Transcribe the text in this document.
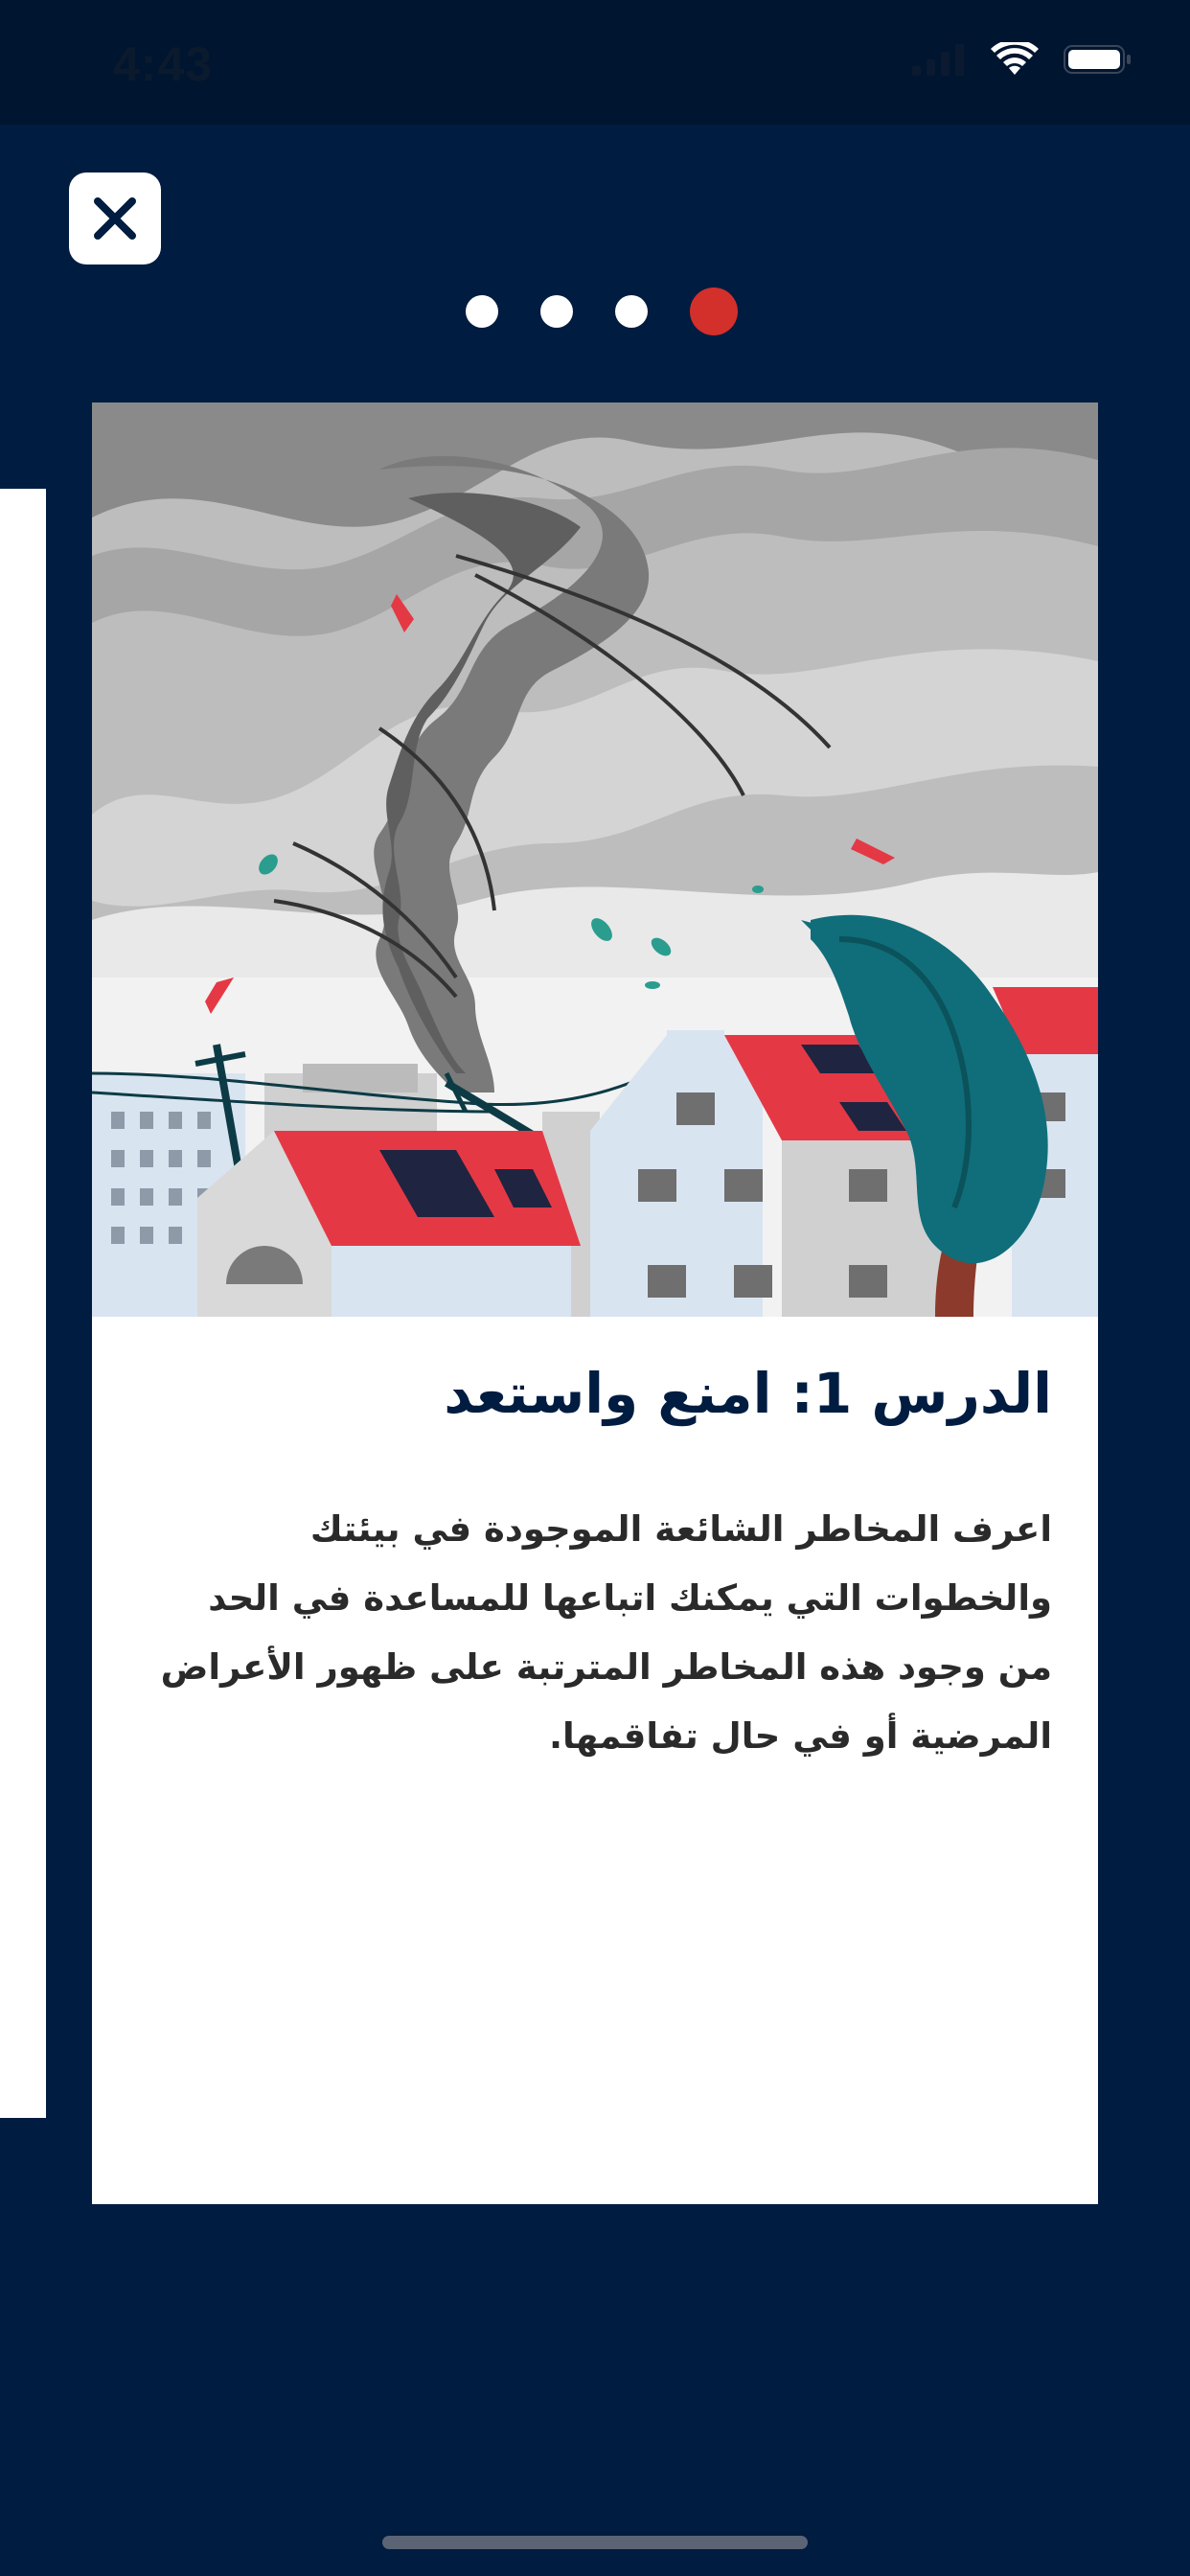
4:43
الدرس 1: امنع واستعد

اعرف المخاطر الشائعة الموجودة في بيئتك والخطوات التي يمكنك اتباعها للمساعدة في الحد من وجود هذه المخاطر المترتبة على ظهور الأعراض المرضية أو في حال تفاقمها.
